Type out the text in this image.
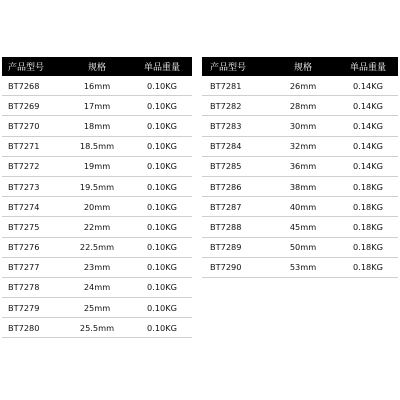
产品型号	规格	单品重量
BT7268	16mm	0.10KG
BT7269	17mm	0.10KG
BT7270	18mm	0.10KG
BT7271	18.5mm	0.10KG
BT7272	19mm	0.10KG
BT7273	19.5mm	0.10KG
BT7274	20mm	0.10KG
BT7275	22mm	0.10KG
BT7276	22.5mm	0.10KG
BT7277	23mm	0.10KG
BT7278	24mm	0.10KG
BT7279	25mm	0.10KG
BT7280	25.5mm	0.10KG
产品型号	规格	单品重量
BT7281	26mm	0.14KG
BT7282	28mm	0.14KG
BT7283	30mm	0.14KG
BT7284	32mm	0.14KG
BT7285	36mm	0.14KG
BT7286	38mm	0.18KG
BT7287	40mm	0.18KG
BT7288	45mm	0.18KG
BT7289	50mm	0.18KG
BT7290	53mm	0.18KG
